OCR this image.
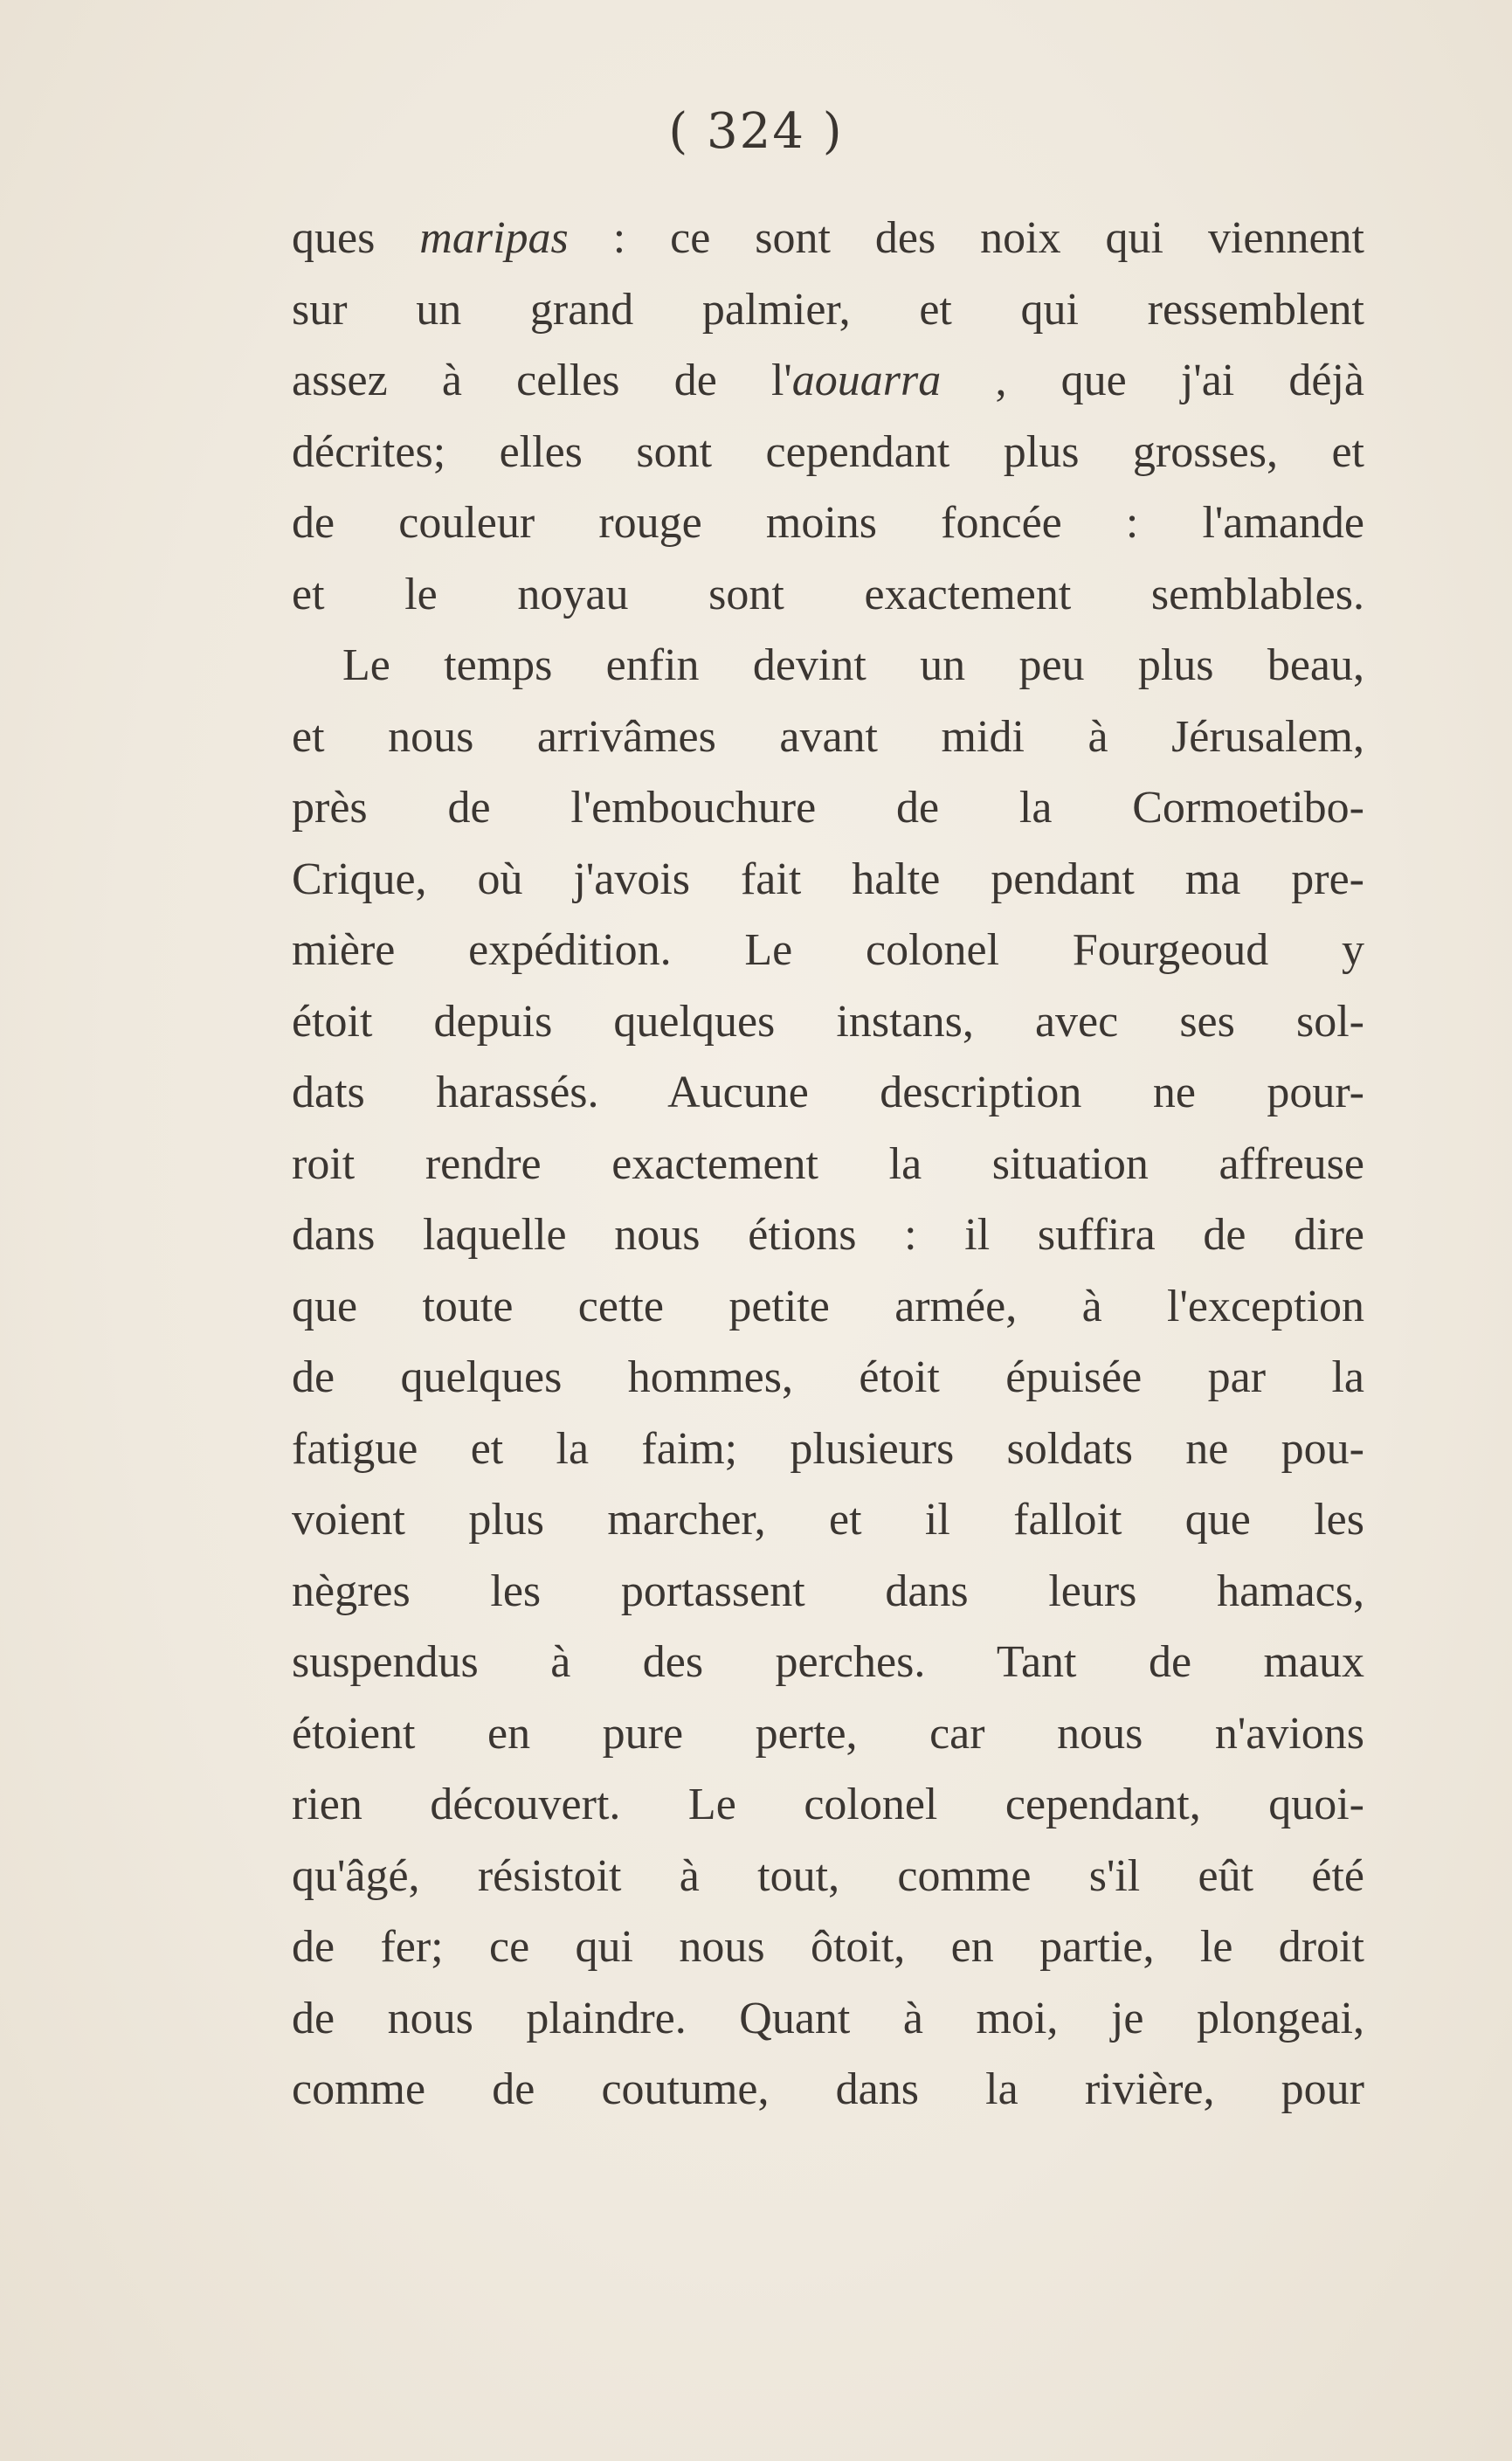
( 324 )
ques maripas : ce sont des noix qui viennent
sur un grand palmier, et qui ressemblent
assez à celles de l'aouarra , que j'ai déjà
décrites; elles sont cependant plus grosses, et
de couleur rouge moins foncée : l'amande
et le noyau sont exactement semblables.
Le temps enfin devint un peu plus beau,
et nous arrivâmes avant midi à Jérusalem,
près de l'embouchure de la Cormoetibo-
Crique, où j'avois fait halte pendant ma pre-
mière expédition. Le colonel Fourgeoud y
étoit depuis quelques instans, avec ses sol-
dats harassés. Aucune description ne pour-
roit rendre exactement la situation affreuse
dans laquelle nous étions : il suffira de dire
que toute cette petite armée, à l'exception
de quelques hommes, étoit épuisée par la
fatigue et la faim; plusieurs soldats ne pou-
voient plus marcher, et il falloit que les
nègres les portassent dans leurs hamacs,
suspendus à des perches. Tant de maux
étoient en pure perte, car nous n'avions
rien découvert. Le colonel cependant, quoi-
qu'âgé, résistoit à tout, comme s'il eût été
de fer; ce qui nous ôtoit, en partie, le droit
de nous plaindre. Quant à moi, je plongeai,
comme de coutume, dans la rivière, pour
